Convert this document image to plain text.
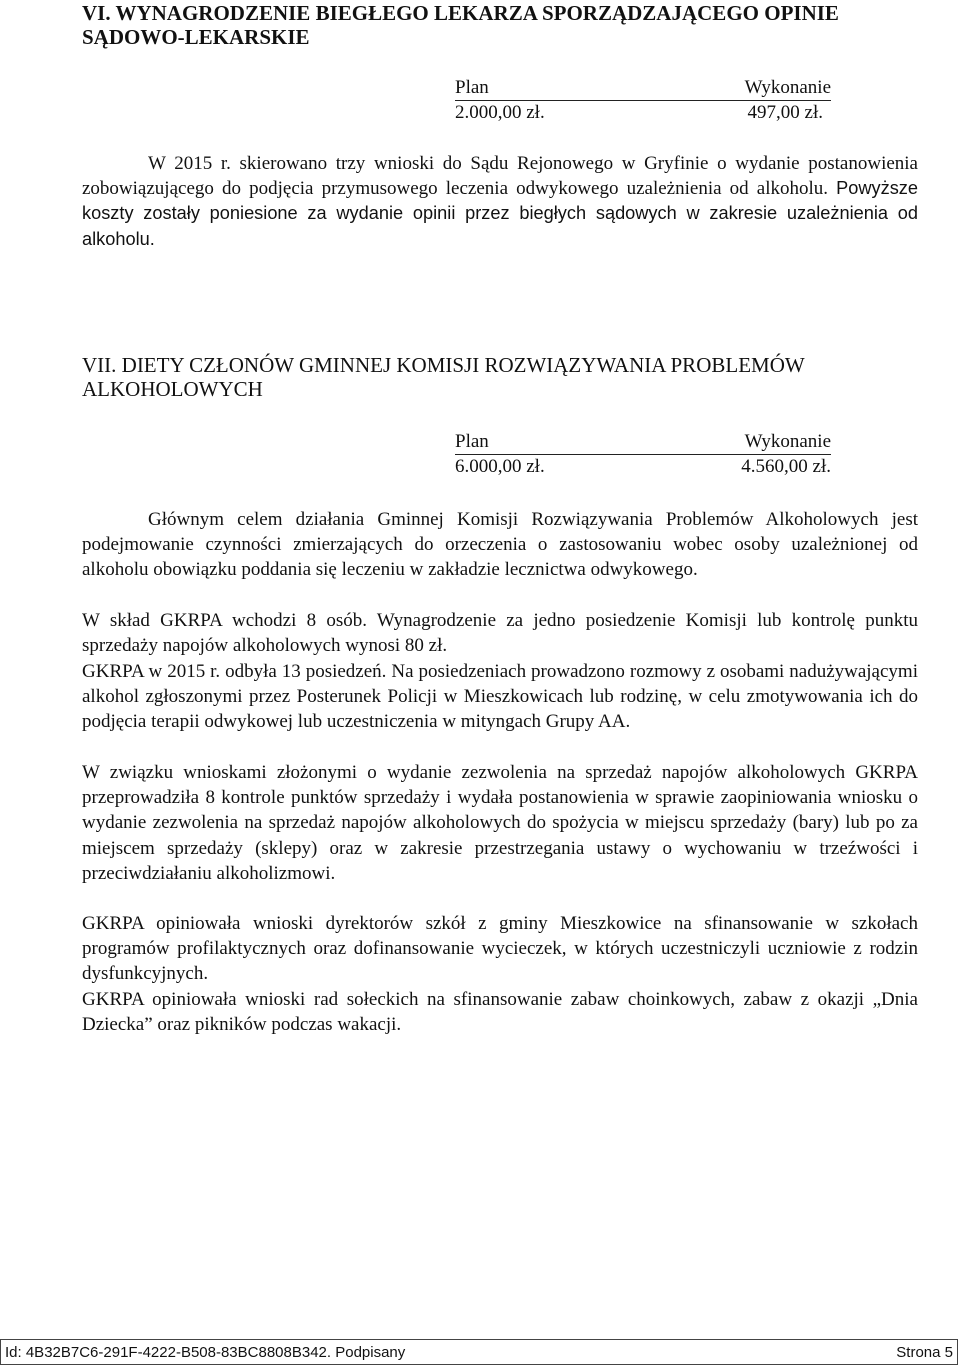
VI. WYNAGRODZENIE BIEGŁEGO LEKARZA SPORZĄDZAJĄCEGO OPINIE SĄDOWO-LEKARSKIE
Plan	Wykonanie
2.000,00 zł.	497,00 zł.

W 2015 r. skierowano trzy wnioski do Sądu Rejonowego w Gryfinie o wydanie postanowienia zobowiązującego do podjęcia przymusowego leczenia odwykowego uzależnienia od alkoholu. Powyższe koszty zostały poniesione za wydanie opinii przez biegłych sądowych w zakresie uzależnienia od alkoholu.

VII. DIETY CZŁONÓW GMINNEJ KOMISJI ROZWIĄZYWANIA PROBLEMÓW ALKOHOLOWYCH
Plan	Wykonanie
6.000,00 zł.	4.560,00 zł.

Głównym celem działania Gminnej Komisji Rozwiązywania Problemów Alkoholowych jest podejmowanie czynności zmierzających do orzeczenia o zastosowaniu wobec osoby uzależnionej od alkoholu obowiązku poddania się leczeniu w zakładzie lecznictwa odwykowego.

W skład GKRPA wchodzi 8 osób. Wynagrodzenie za jedno posiedzenie Komisji lub kontrolę punktu sprzedaży napojów alkoholowych wynosi 80 zł.

GKRPA w 2015 r. odbyła 13 posiedzeń. Na posiedzeniach prowadzono rozmowy z osobami nadużywającymi alkohol zgłoszonymi przez Posterunek Policji w Mieszkowicach lub rodzinę, w celu zmotywowania ich do podjęcia terapii odwykowej lub uczestniczenia w mityngach Grupy AA.

W związku wnioskami złożonymi o wydanie zezwolenia na sprzedaż napojów alkoholowych GKRPA przeprowadziła 8 kontrole punktów sprzedaży i wydała postanowienia w sprawie zaopiniowania wniosku o wydanie zezwolenia na sprzedaż napojów alkoholowych do spożycia w miejscu sprzedaży (bary) lub po za miejscem sprzedaży (sklepy) oraz w zakresie przestrzegania ustawy o wychowaniu w trzeźwości i przeciwdziałaniu alkoholizmowi.

GKRPA opiniowała wnioski dyrektorów szkół z gminy Mieszkowice na sfinansowanie w szkołach programów profilaktycznych oraz dofinansowanie wycieczek, w których uczestniczyli uczniowie z rodzin dysfunkcyjnych.

GKRPA opiniowała wnioski rad sołeckich na sfinansowanie zabaw choinkowych, zabaw z okazji „Dnia Dziecka” oraz pikników podczas wakacji.

Id: 4B32B7C6-291F-4222-B508-83BC8808B342. Podpisany	Strona 5
